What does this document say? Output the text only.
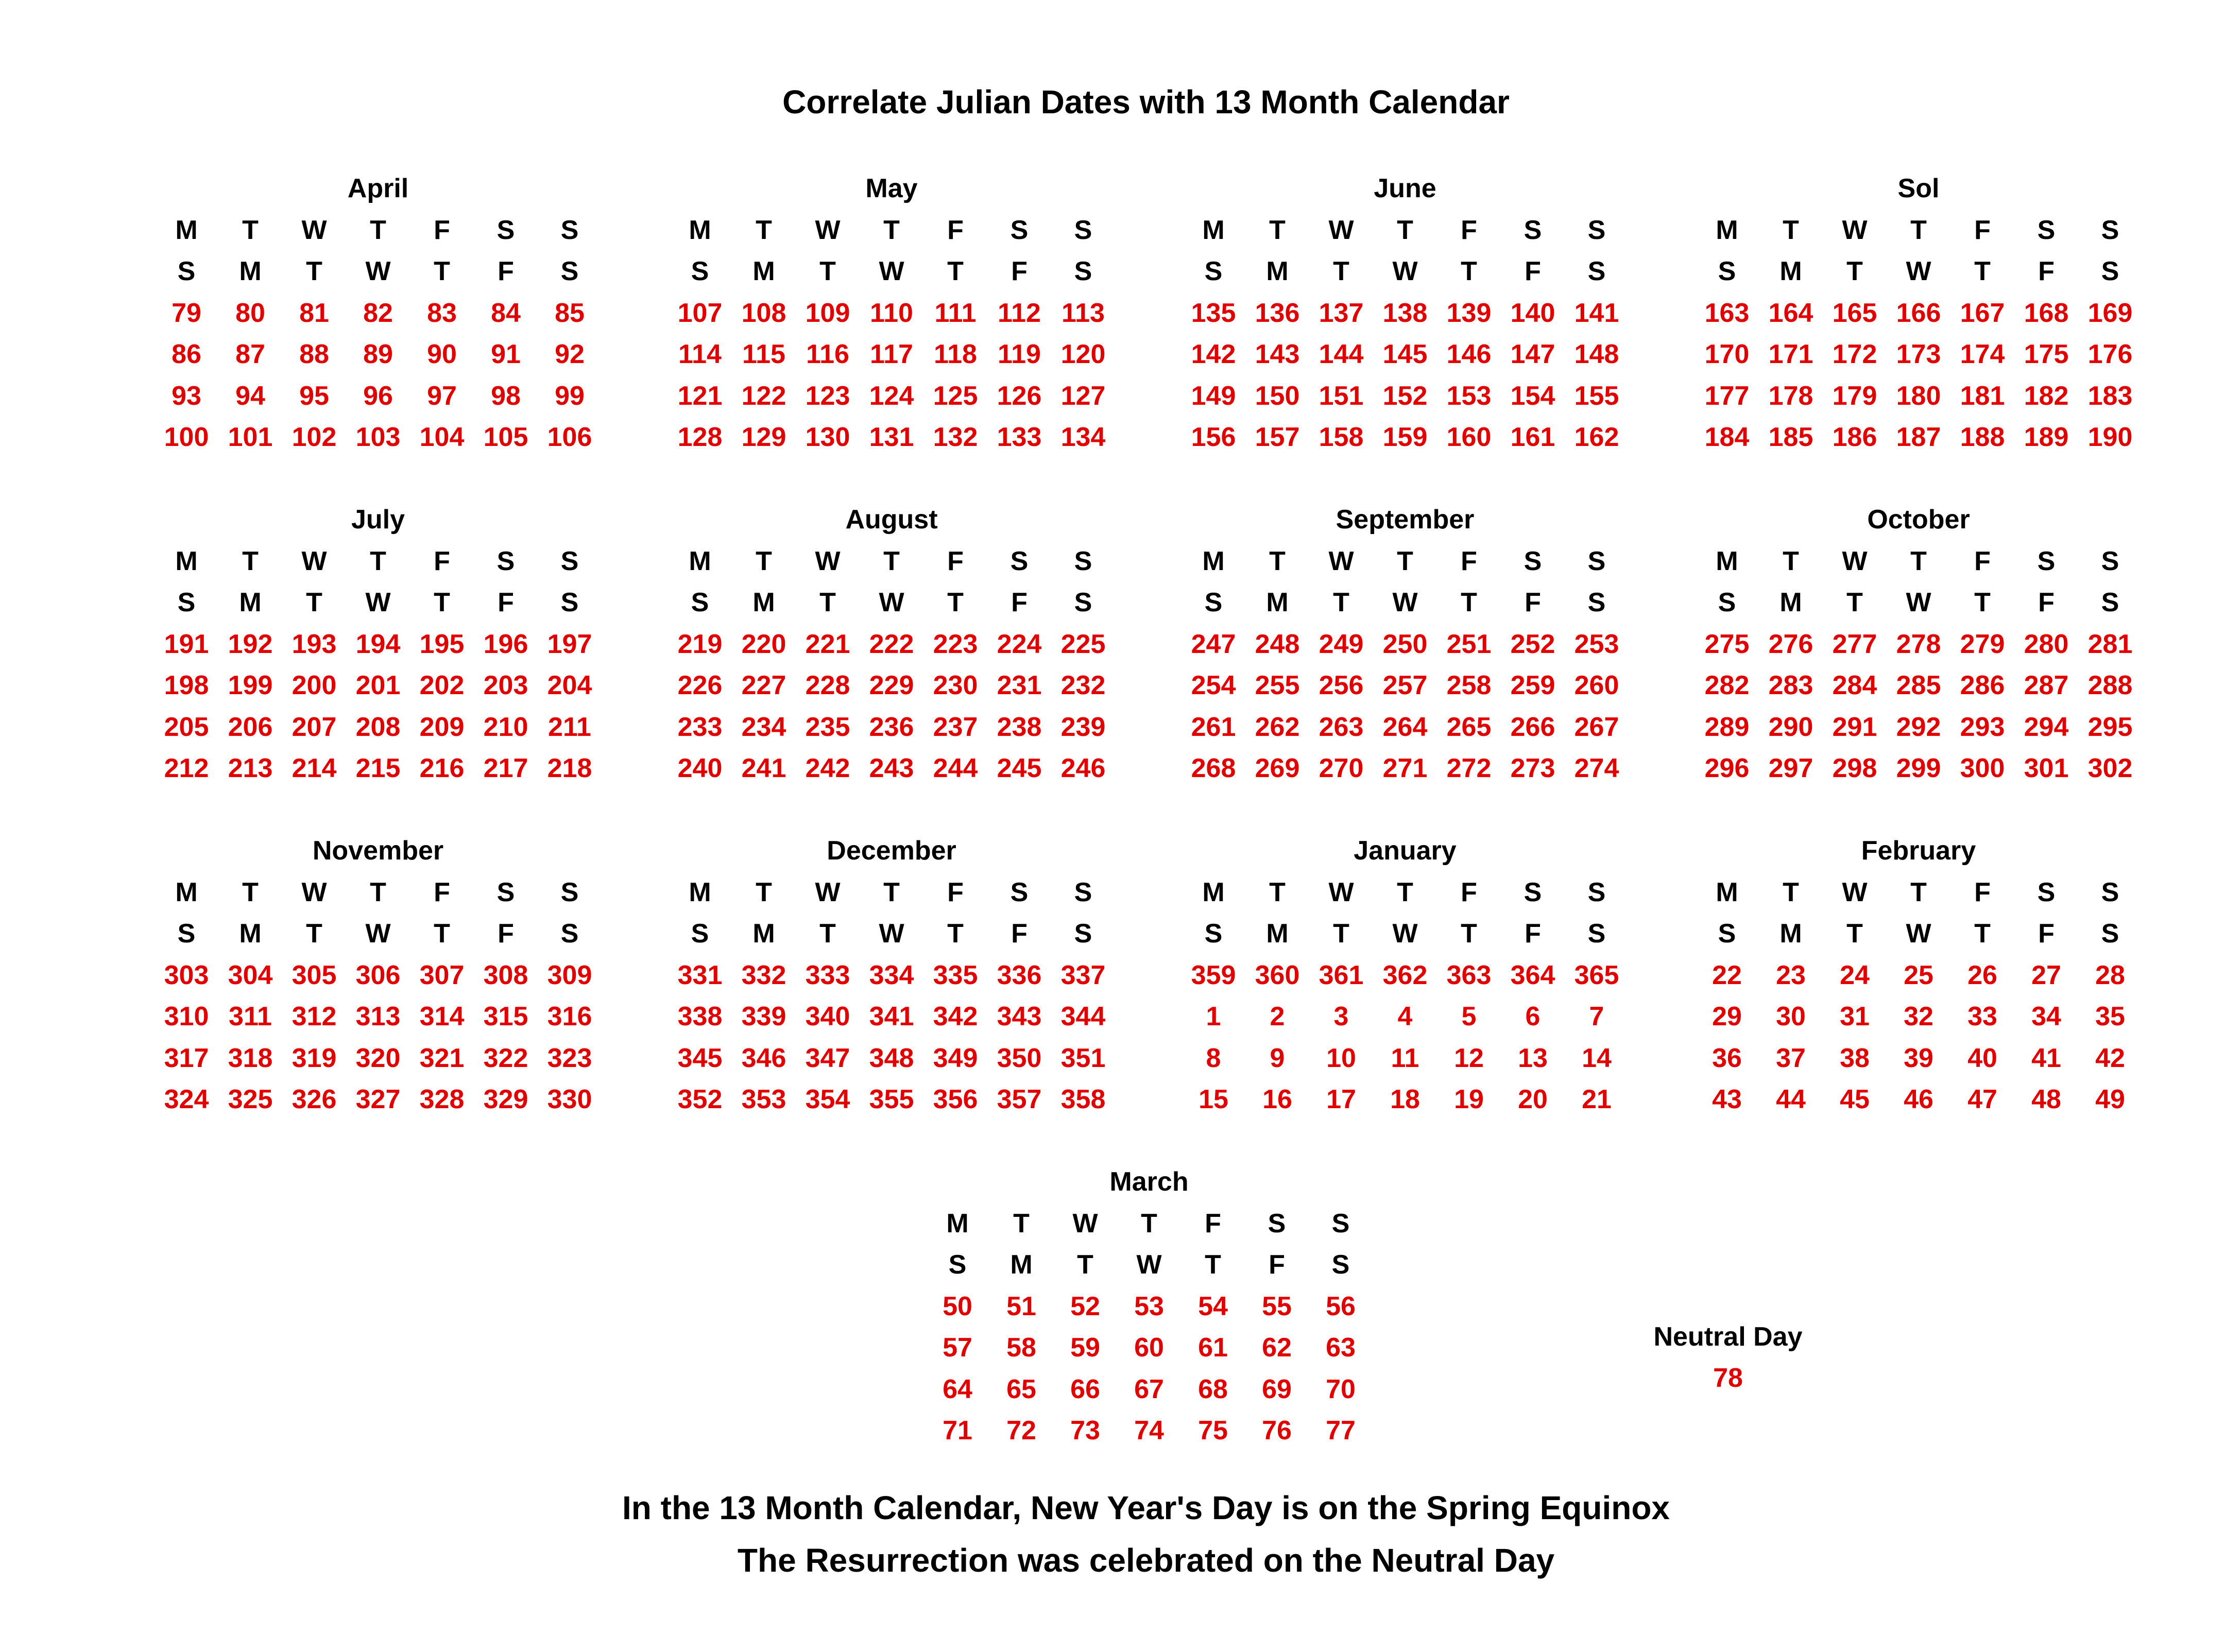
Correlate Julian Dates with 13 Month Calendar
April
M	T	W	T	F	S	S
S	M	T	W	T	F	S
79	80	81	82	83	84	85
86	87	88	89	90	91	92
93	94	95	96	97	98	99
100 101 102 103 104 105 106
May
M	T	W	T	F	S	S
S	M	T	W	T	F	S
107 108 109 110 111 112 113
114 115 116 117 118 119 120
121 122 123 124 125 126 127
128 129 130 131 132 133 134
June
M	T	W	T	F	S	S
S	M	T	W	T	F	S
135 136 137 138 139 140 141
142 143 144 145 146 147 148
149 150 151 152 153 154 155
156 157 158 159 160 161 162
Sol
M	T	W	T	F	S	S
S	M	T	W	T	F	S
163 164 165 166 167 168 169
170 171 172 173 174 175 176
177 178 179 180 181 182 183
184 185 186 187 188 189 190
July
M	T	W	T	F	S	S
S	M	T	W	T	F	S
191 192 193 194 195 196 197
198 199 200 201 202 203 204
205 206 207 208 209 210 211
212 213 214 215 216 217 218
August
M	T	W	T	F	S	S
S	M	T	W	T	F	S
219 220 221 222 223 224 225
226 227 228 229 230 231 232
233 234 235 236 237 238 239
240 241 242 243 244 245 246
September
M	T	W	T	F	S	S
S	M	T	W	T	F	S
247 248 249 250 251 252 253
254 255 256 257 258 259 260
261 262 263 264 265 266 267
268 269 270 271 272 273 274
October
M	T	W	T	F	S	S
S	M	T	W	T	F	S
275 276 277 278 279 280 281
282 283 284 285 286 287 288
289 290 291 292 293 294 295
296 297 298 299 300 301 302
November
M	T	W	T	F	S	S
S	M	T	W	T	F	S
303 304 305 306 307 308 309
310 311 312 313 314 315 316
317 318 319 320 321 322 323
324 325 326 327 328 329 330
December
M	T	W	T	F	S	S
S	M	T	W	T	F	S
331 332 333 334 335 336 337
338 339 340 341 342 343 344
345 346 347 348 349 350 351
352 353 354 355 356 357 358
January
M	T	W	T	F	S	S
S	M	T	W	T	F	S
359 360 361 362 363 364 365
1	2	3	4	5	6	7
8	9	10	11	12	13	14
15	16	17	18	19	20	21
February
M	T	W	T	F	S	S
S	M	T	W	T	F	S
22	23	24	25	26	27	28
29	30	31	32	33	34	35
36	37	38	39	40	41	42
43	44	45	46	47	48	49
March
M	T	W	T	F	S	S
S	M	T	W	T	F	S
50	51	52	53	54	55	56
57	58	59	60	61	62	63
64	65	66	67	68	69	70
71	72	73	74	75	76	77
Neutral Day
78
In the 13 Month Calendar, New Year's Day is on the Spring Equinox
The Resurrection was celebrated on the Neutral Day
